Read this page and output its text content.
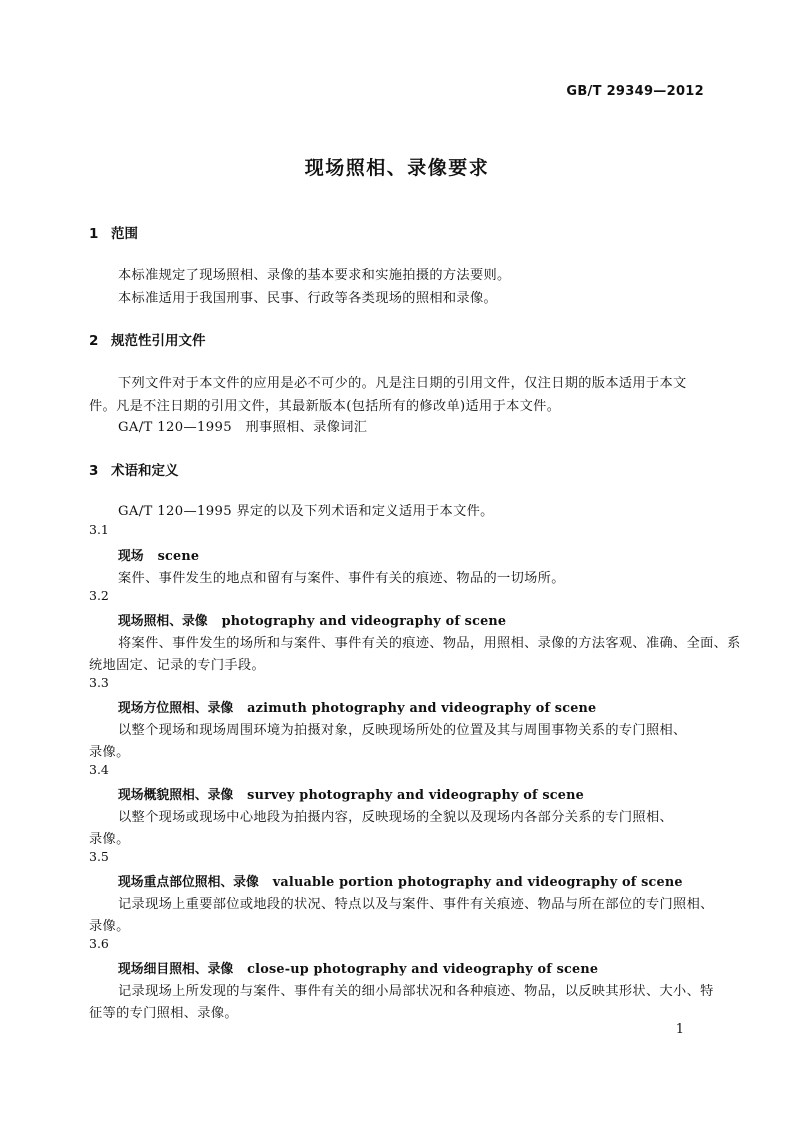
GB/T 29349—2012
现场照相、录像要求
1 范围
本标准规定了现场照相、录像的基本要求和实施拍摄的方法要则。
本标准适用于我国刑事、民事、行政等各类现场的照相和录像。
2 规范性引用文件
下列文件对于本文件的应用是必不可少的。凡是注日期的引用文件，仅注日期的版本适用于本文
件。凡是不注日期的引用文件，其最新版本(包括所有的修改单)适用于本文件。
GA/T 120—1995　刑事照相、录像词汇
3 术语和定义
GA/T 120—1995 界定的以及下列术语和定义适用于本文件。
3.1
现场 scene
案件、事件发生的地点和留有与案件、事件有关的痕迹、物品的一切场所。
3.2
现场照相、录像 photography and videography of scene
将案件、事件发生的场所和与案件、事件有关的痕迹、物品，用照相、录像的方法客观、准确、全面、系
统地固定、记录的专门手段。
3.3
现场方位照相、录像 azimuth photography and videography of scene
以整个现场和现场周围环境为拍摄对象，反映现场所处的位置及其与周围事物关系的专门照相、
录像。
3.4
现场概貌照相、录像 survey photography and videography of scene
以整个现场或现场中心地段为拍摄内容，反映现场的全貌以及现场内各部分关系的专门照相、
录像。
3.5
现场重点部位照相、录像 valuable portion photography and videography of scene
记录现场上重要部位或地段的状况、特点以及与案件、事件有关痕迹、物品与所在部位的专门照相、
录像。
3.6
现场细目照相、录像 close-up photography and videography of scene
记录现场上所发现的与案件、事件有关的细小局部状况和各种痕迹、物品，以反映其形状、大小、特
征等的专门照相、录像。
1
